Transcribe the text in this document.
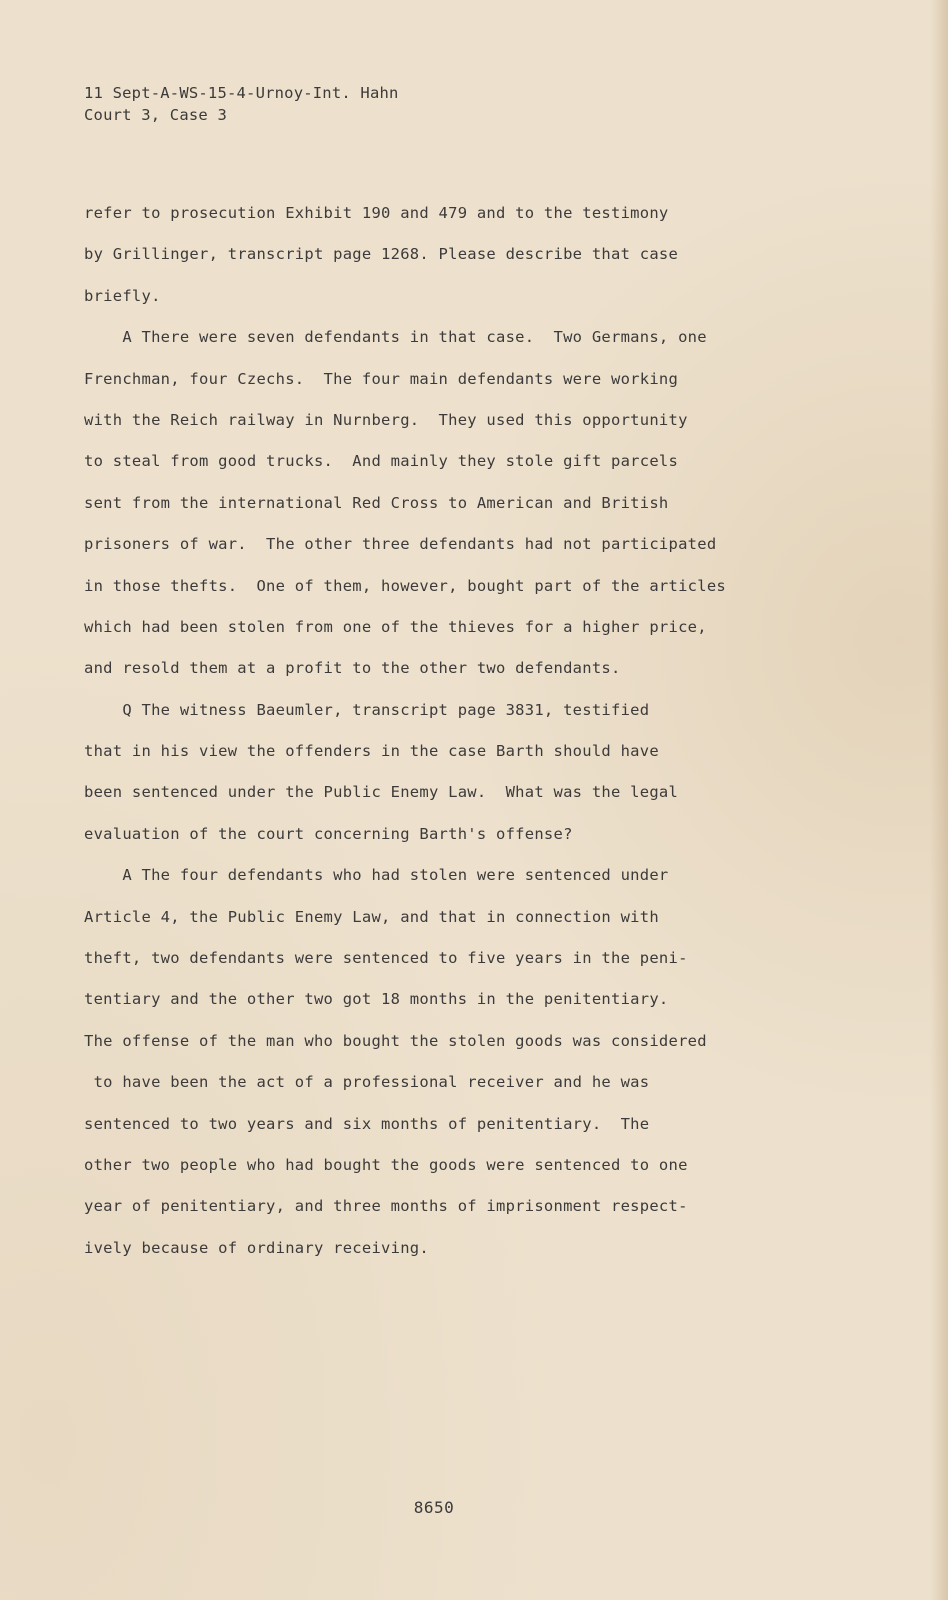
11 Sept-A-WS-15-4-Urnoy-Int. Hahn
Court 3, Case 3
refer to prosecution Exhibit 190 and 479 and to the testimony
by Grillinger, transcript page 1268. Please describe that case
briefly.
A There were seven defendants in that case.  Two Germans, one
Frenchman, four Czechs.  The four main defendants were working
with the Reich railway in Nurnberg.  They used this opportunity
to steal from good trucks.  And mainly they stole gift parcels
sent from the international Red Cross to American and British
prisoners of war.  The other three defendants had not participated
in those thefts.  One of them, however, bought part of the articles
which had been stolen from one of the thieves for a higher price,
and resold them at a profit to the other two defendants.
Q The witness Baeumler, transcript page 3831, testified
that in his view the offenders in the case Barth should have
been sentenced under the Public Enemy Law.  What was the legal
evaluation of the court concerning Barth's offense?
A The four defendants who had stolen were sentenced under
Article 4, the Public Enemy Law, and that in connection with
theft, two defendants were sentenced to five years in the peni-
tentiary and the other two got 18 months in the penitentiary.
The offense of the man who bought the stolen goods was considered
to have been the act of a professional receiver and he was
sentenced to two years and six months of penitentiary.  The
other two people who had bought the goods were sentenced to one
year of penitentiary, and three months of imprisonment respect-
ively because of ordinary receiving.
8650
